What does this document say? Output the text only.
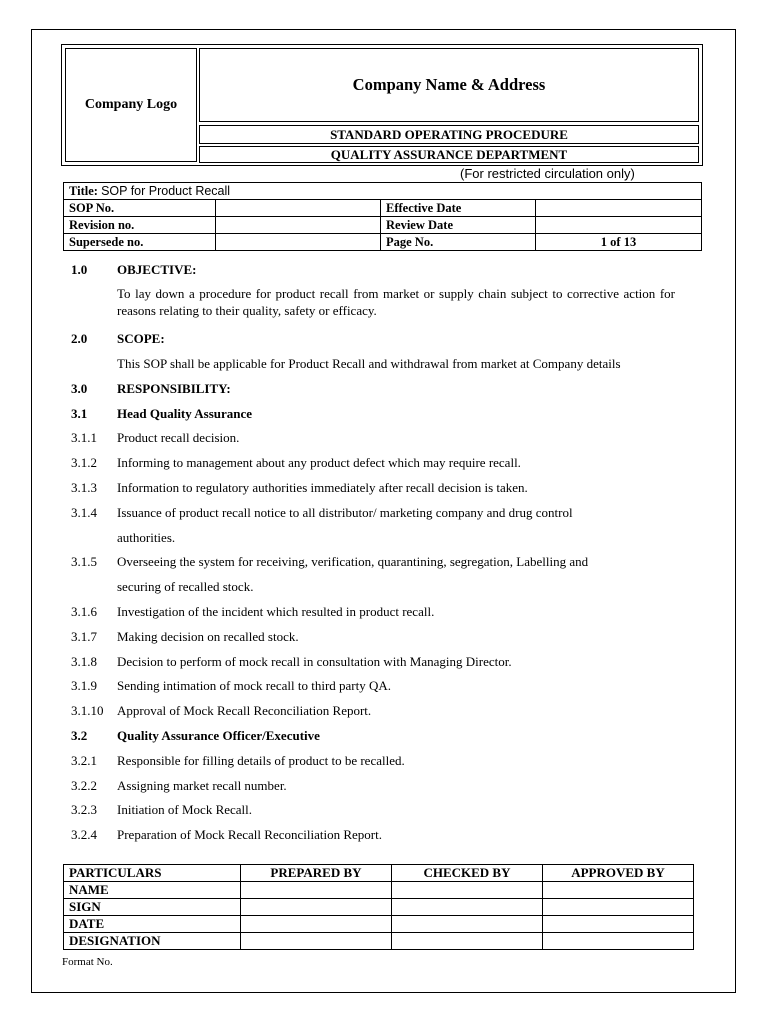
Company Logo
Company Name & Address
STANDARD OPERATING PROCEDURE
QUALITY ASSURANCE DEPARTMENT
(For restricted circulation only)
Title: SOP for Product Recall			
SOP No.		Effective Date	
Revision no.		Review Date	
Supersede no.		Page No.	1 of 13
1.0	OBJECTIVE:
To lay down a procedure for product recall from market or supply chain subject to corrective action for reasons relating to their quality, safety or efficacy.
2.0	SCOPE:
This SOP shall be applicable for Product Recall and withdrawal from market at Company details
3.0	RESPONSIBILITY:
3.1	Head Quality Assurance
3.1.1	Product recall decision.
3.1.2	Informing to management about any product defect which may require recall.
3.1.3	Information to regulatory authorities immediately after recall decision is taken.
3.1.4	Issuance of product recall notice to all distributor/ marketing company and drug control
authorities.
3.1.5	Overseeing the system for receiving, verification, quarantining, segregation, Labelling and
securing of recalled stock.
3.1.6	Investigation of the incident which resulted in product recall.
3.1.7	Making decision on recalled stock.
3.1.8	Decision to perform of mock recall in consultation with Managing Director.
3.1.9	Sending intimation of mock recall to third party QA.
3.1.10	Approval of Mock Recall Reconciliation Report.
3.2	Quality Assurance Officer/Executive
3.2.1	Responsible for filling details of product to be recalled.
3.2.2	Assigning market recall number.
3.2.3	Initiation of Mock Recall.
3.2.4	Preparation of Mock Recall Reconciliation Report.
PARTICULARS	PREPARED BY	CHECKED BY	APPROVED BY
NAME			
SIGN			
DATE			
DESIGNATION			
Format No.
